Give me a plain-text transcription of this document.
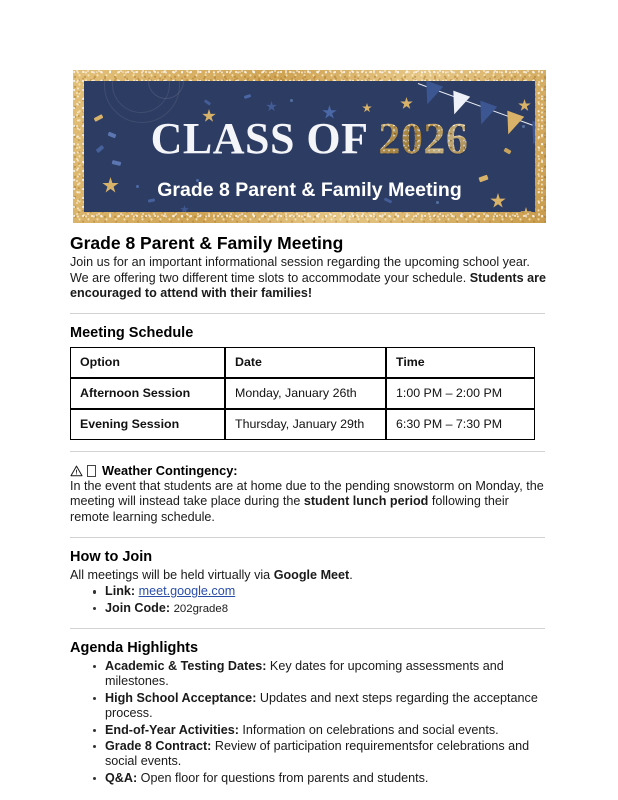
CLASS OF 2026
Grade 8 Parent & Family Meeting
Grade 8 Parent & Family Meeting

Join us for an important informational session regarding the upcoming school year. We are offering two different time slots to accommodate your schedule. Students are encouraged to attend with their families!

Meeting Schedule
Option	Date	Time
Afternoon Session	Monday, January 26th	1:00 PM – 2:00 PM
Evening Session	Thursday, January 29th	6:30 PM – 7:30 PM
Weather Contingency:

In the event that students are at home due to the pending snowstorm on Monday, the meeting will instead take place during the student lunch period following their remote learning schedule.

How to Join

All meetings will be held virtually via Google Meet.

Link: meet.google.com
Join Code: 202grade8
Agenda Highlights
Academic & Testing Dates: Key dates for upcoming assessments and milestones.
High School Acceptance: Updates and next steps regarding the acceptance process.
End-of-Year Activities: Information on celebrations and social events.
Grade 8 Contract: Review of participation requirementsfor celebrations and social events.
Q&A: Open floor for questions from parents and students.
